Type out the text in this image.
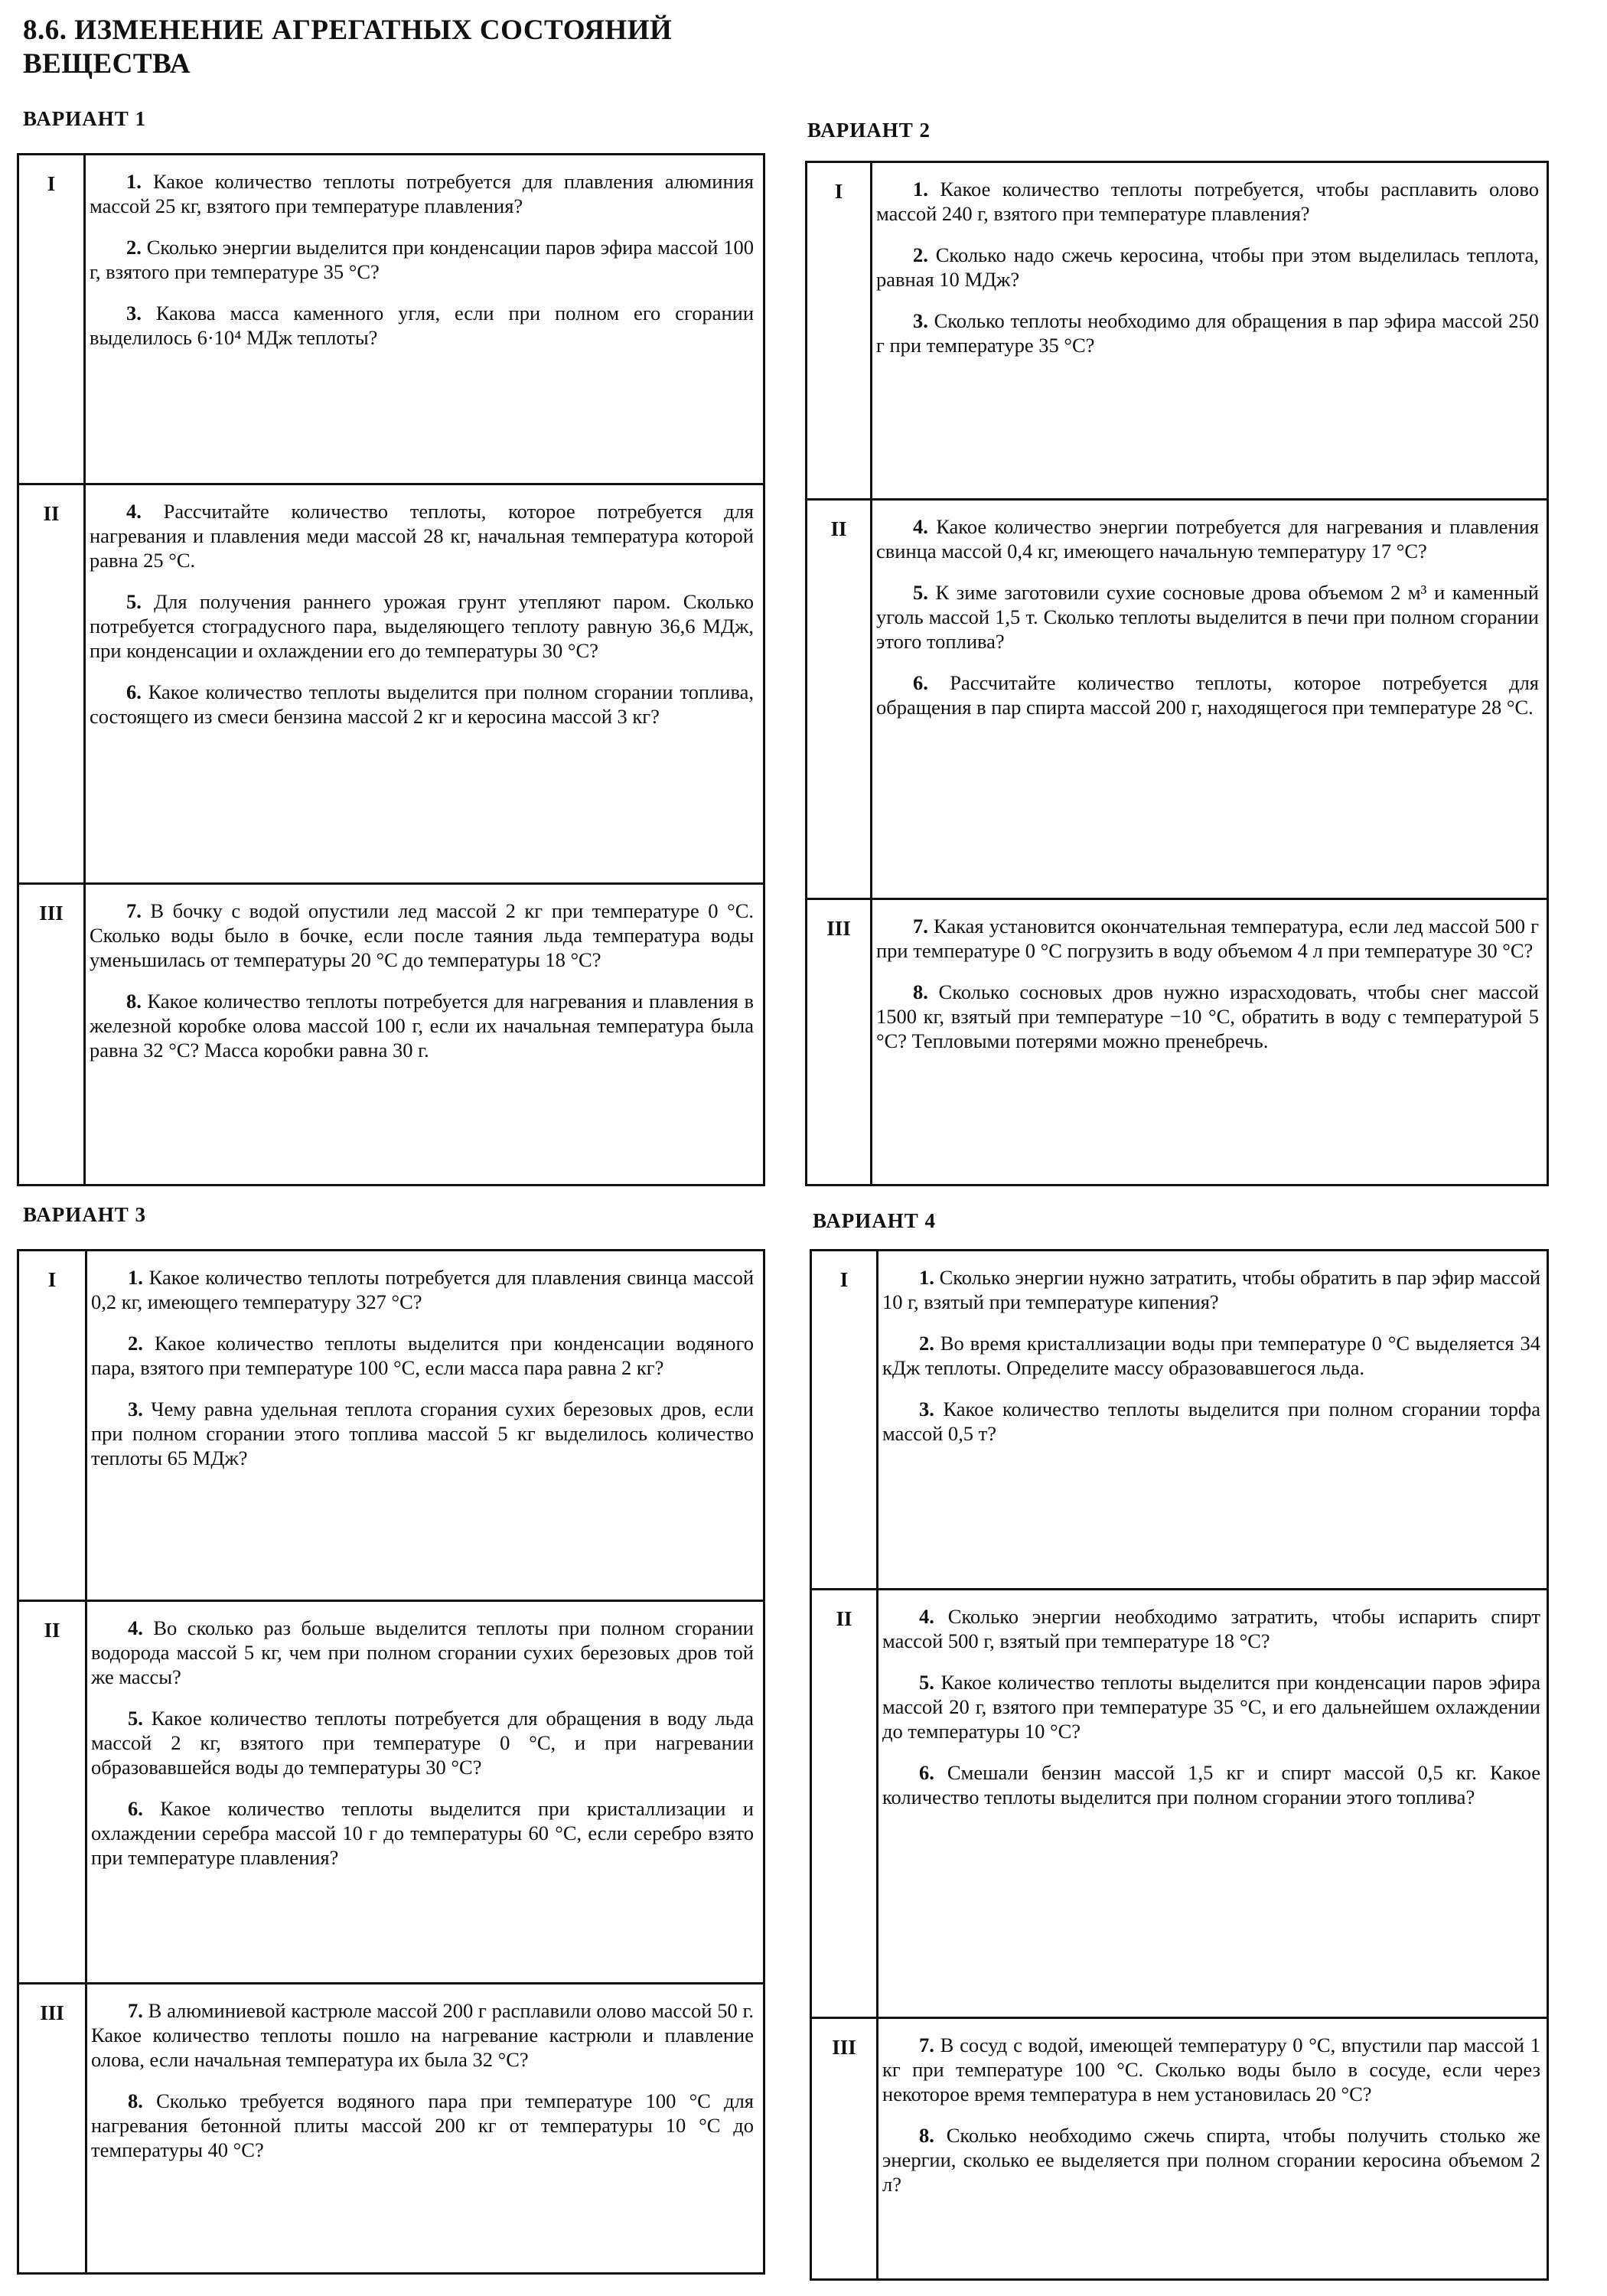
8.6. ИЗМЕНЕНИЕ АГРЕГАТНЫХ СОСТОЯНИЙ ВЕЩЕСТВА
ВАРИАНТ 1
I	1. Какое количество теплоты потребуется для плавления алюминия массой 25 кг, взятого при температуре плавления?

2. Сколько энергии выделится при конденсации паров эфира массой 100 г, взятого при температуре 35 °С?

3. Какова масса каменного угля, если при полном его сгорании выделилось 6·10⁴ МДж теплоты?

II	4. Рассчитайте количество теплоты, которое потребуется для нагревания и плавления меди массой 28 кг, начальная температура которой равна 25 °С.

5. Для получения раннего урожая грунт утепляют паром. Сколько потребуется стоградусного пара, выделяющего теплоту равную 36,6 МДж, при конденсации и охлаждении его до температуры 30 °С?

6. Какое количество теплоты выделится при полном сгорании топлива, состоящего из смеси бензина массой 2 кг и керосина массой 3 кг?

III	7. В бочку с водой опустили лед массой 2 кг при температуре 0 °С. Сколько воды было в бочке, если после таяния льда температура воды уменьшилась от температуры 20 °С до температуры 18 °С?

8. Какое количество теплоты потребуется для нагревания и плавления в железной коробке олова массой 100 г, если их начальная температура была равна 32 °С? Масса коробки равна 30 г.

ВАРИАНТ 2
I	1. Какое количество теплоты потребуется, чтобы расплавить олово массой 240 г, взятого при температуре плавления?

2. Сколько надо сжечь керосина, чтобы при этом выделилась теплота, равная 10 МДж?

3. Сколько теплоты необходимо для обращения в пар эфира массой 250 г при температуре 35 °С?

II	4. Какое количество энергии потребуется для нагревания и плавления свинца массой 0,4 кг, имеющего начальную температуру 17 °С?

5. К зиме заготовили сухие сосновые дрова объемом 2 м³ и каменный уголь массой 1,5 т. Сколько теплоты выделится в печи при полном сгорании этого топлива?

6. Рассчитайте количество теплоты, которое потребуется для обращения в пар спирта массой 200 г, находящегося при температуре 28 °С.

III	7. Какая установится окончательная температура, если лед массой 500 г при температуре 0 °С погрузить в воду объемом 4 л при температуре 30 °С?

8. Сколько сосновых дров нужно израсходовать, чтобы снег массой 1500 кг, взятый при температуре −10 °С, обратить в воду с температурой 5 °С? Тепловыми потерями можно пренебречь.

ВАРИАНТ 3
I	1. Какое количество теплоты потребуется для плавления свинца массой 0,2 кг, имеющего температуру 327 °С?

2. Какое количество теплоты выделится при конденсации водяного пара, взятого при температуре 100 °С, если масса пара равна 2 кг?

3. Чему равна удельная теплота сгорания сухих березовых дров, если при полном сгорании этого топлива массой 5 кг выделилось количество теплоты 65 МДж?

II	4. Во сколько раз больше выделится теплоты при полном сгорании водорода массой 5 кг, чем при полном сгорании сухих березовых дров той же массы?

5. Какое количество теплоты потребуется для обращения в воду льда массой 2 кг, взятого при температуре 0 °С, и при нагревании образовавшейся воды до температуры 30 °С?

6. Какое количество теплоты выделится при кристаллизации и охлаждении серебра массой 10 г до температуры 60 °С, если серебро взято при температуре плавления?

III	7. В алюминиевой кастрюле массой 200 г расплавили олово массой 50 г. Какое количество теплоты пошло на нагревание кастрюли и плавление олова, если начальная температура их была 32 °С?

8. Сколько требуется водяного пара при температуре 100 °С для нагревания бетонной плиты массой 200 кг от температуры 10 °С до температуры 40 °С?

ВАРИАНТ 4
I	1. Сколько энергии нужно затратить, чтобы обратить в пар эфир массой 10 г, взятый при температуре кипения?

2. Во время кристаллизации воды при температуре 0 °С выделяется 34 кДж теплоты. Определите массу образовавшегося льда.

3. Какое количество теплоты выделится при полном сгорании торфа массой 0,5 т?

II	4. Сколько энергии необходимо затратить, чтобы испарить спирт массой 500 г, взятый при температуре 18 °С?

5. Какое количество теплоты выделится при конденсации паров эфира массой 20 г, взятого при температуре 35 °С, и его дальнейшем охлаждении до температуры 10 °С?

6. Смешали бензин массой 1,5 кг и спирт массой 0,5 кг. Какое количество теплоты выделится при полном сгорании этого топлива?

III	7. В сосуд с водой, имеющей температуру 0 °С, впустили пар массой 1 кг при температуре 100 °С. Сколько воды было в сосуде, если через некоторое время температура в нем установилась 20 °С?

8. Сколько необходимо сжечь спирта, чтобы получить столько же энергии, сколько ее выделяется при полном сгорании керосина объемом 2 л?
